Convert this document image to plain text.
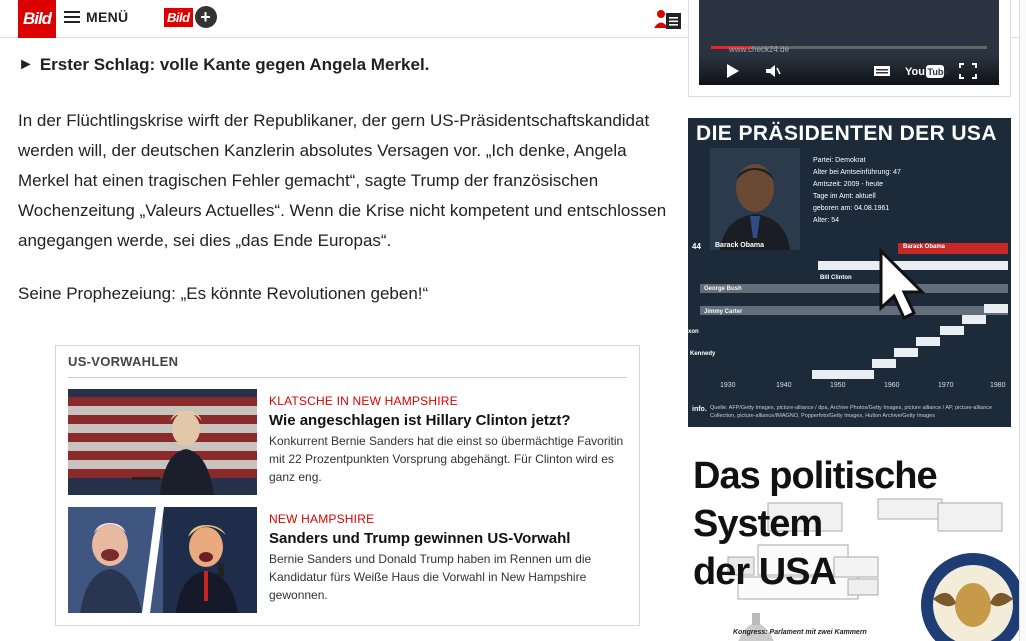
Bild	MENÜ	Bild +

► Erster Schlag: volle Kante gegen Angela Merkel.

In der Flüchtlingskrise wirft der Republikaner, der gern US-Präsidentschaftskandidat werden will, der deutschen Kanzlerin absolutes Versagen vor. „Ich denke, Angela Merkel hat einen tragischen Fehler gemacht“, sagte Trump der französischen Wochenzeitung „Valeurs Actuelles“. Wenn die Krise nicht kompetent und entschlossen angegangen werde, sei dies „das Ende Europas“.

Seine Prophezeiung: „Es könnte Revolutionen geben!“

US-VORWAHLEN
KLATSCHE IN NEW HAMPSHIRE
Wie angeschlagen ist Hillary Clinton jetzt?
Konkurrent Bernie Sanders hat die einst so übermächtige Favoritin mit 22 Prozentpunkten Vorsprung abgehängt. Für Clinton wird es ganz eng.
NEW HAMPSHIRE
Sanders und Trump gewinnen US-Vorwahl
Bernie Sanders und Donald Trump haben im Rennen um die Kandidatur fürs Weiße Haus die Vorwahl in New Hampshire gewonnen.
www.check24.de
You Tube
DIE PRÄSIDENTEN DER USA
Partei: Demokrat
Alter bei Amtseinführung: 47
Amtszeit: 2009 - heute
Tage im Amt: aktuell
geboren am: 04.08.1961
Alter: 54
44 Barack Obama	Barack Obama
Bill Clinton
George Bush
Jimmy Carter
xon
Kennedy
1930	1940	1950	1960	1970	1980
info. Quelle: AFP/Getty Images, picture-alliance / dpa, Archive Photos/Getty Images, picture alliance / AP, picture-alliance Collection, picture-alliance/IMAGNO, Popperfoto/Getty Images, Hulton Archive/Getty Images
Das politische System
der USA
Kongress: Parlament mit zwei Kammern
